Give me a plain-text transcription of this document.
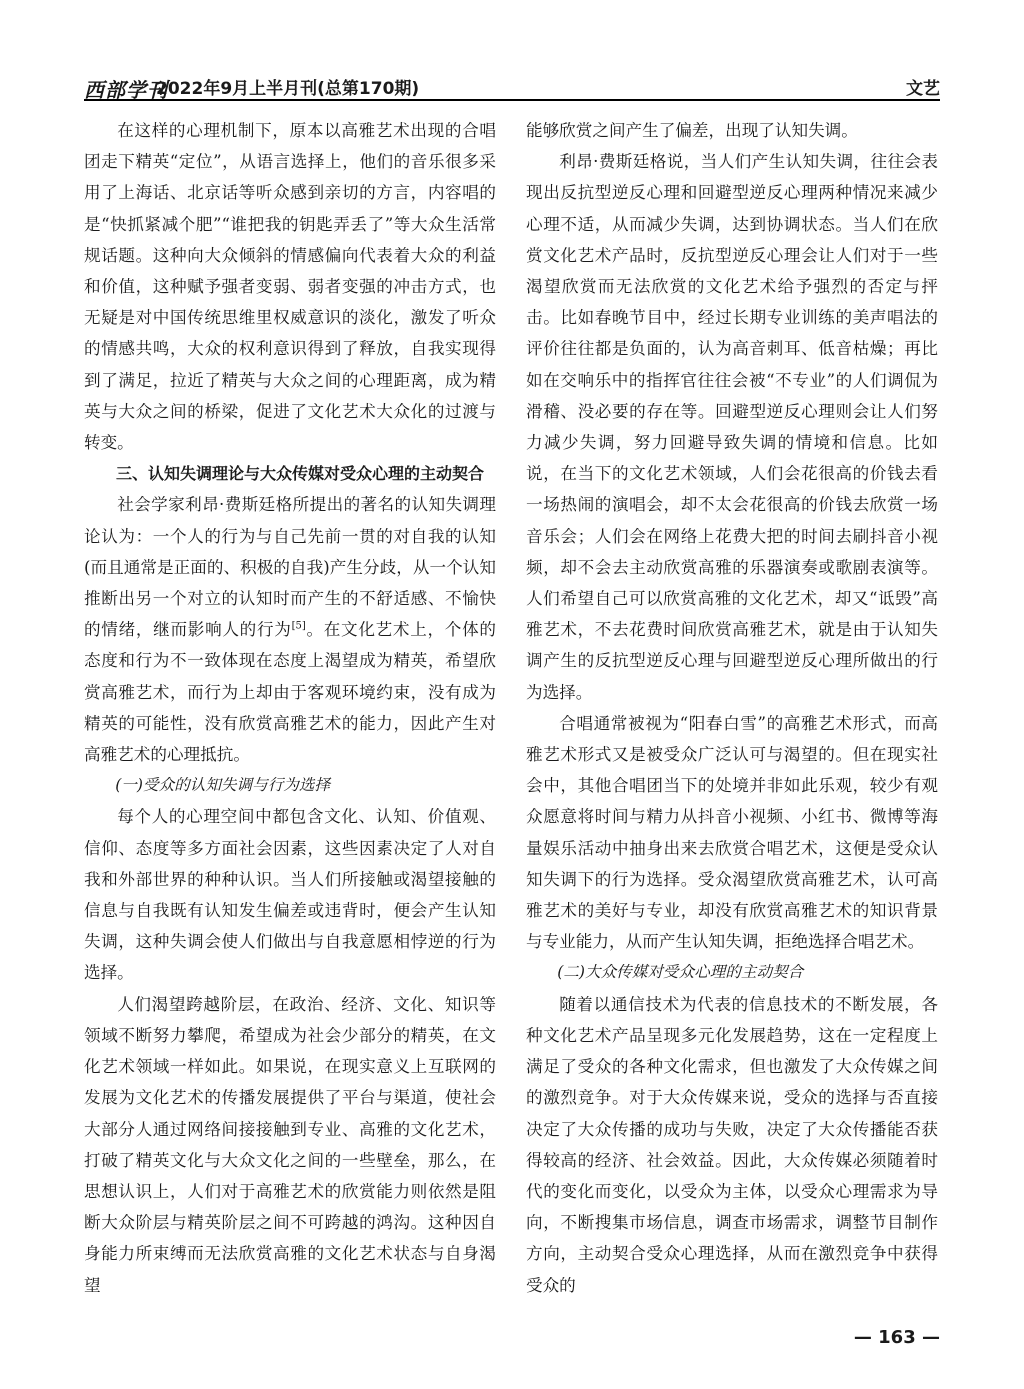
西部学刊
2022年9月上半月刊(总第170期)	文艺

在这样的心理机制下，原本以高雅艺术出现的合唱团走下精英“定位”，从语言选择上，他们的音乐很多采用了上海话、北京话等听众感到亲切的方言，内容唱的是“快抓紧减个肥”“谁把我的钥匙弄丢了”等大众生活常规话题。这种向大众倾斜的情感偏向代表着大众的利益和价值，这种赋予强者变弱、弱者变强的冲击方式，也无疑是对中国传统思维里权威意识的淡化，激发了听众的情感共鸣，大众的权利意识得到了释放，自我实现得到了满足，拉近了精英与大众之间的心理距离，成为精英与大众之间的桥梁，促进了文化艺术大众化的过渡与转变。

三、认知失调理论与大众传媒对受众心理的主动契合

社会学家利昂·费斯廷格所提出的著名的认知失调理论认为：一个人的行为与自己先前一贯的对自我的认知(而且通常是正面的、积极的自我)产生分歧，从一个认知推断出另一个对立的认知时而产生的不舒适感、不愉快的情绪，继而影响人的行为[5]。在文化艺术上，个体的态度和行为不一致体现在态度上渴望成为精英，希望欣赏高雅艺术，而行为上却由于客观环境约束，没有成为精英的可能性，没有欣赏高雅艺术的能力，因此产生对高雅艺术的心理抵抗。

(一)受众的认知失调与行为选择

每个人的心理空间中都包含文化、认知、价值观、信仰、态度等多方面社会因素，这些因素决定了人对自我和外部世界的种种认识。当人们所接触或渴望接触的信息与自我既有认知发生偏差或违背时，便会产生认知失调，这种失调会使人们做出与自我意愿相悖逆的行为选择。

人们渴望跨越阶层，在政治、经济、文化、知识等领域不断努力攀爬，希望成为社会少部分的精英，在文化艺术领域一样如此。如果说，在现实意义上互联网的发展为文化艺术的传播发展提供了平台与渠道，使社会大部分人通过网络间接接触到专业、高雅的文化艺术，打破了精英文化与大众文化之间的一些壁垒，那么，在思想认识上，人们对于高雅艺术的欣赏能力则依然是阻断大众阶层与精英阶层之间不可跨越的鸿沟。这种因自身能力所束缚而无法欣赏高雅的文化艺术状态与自身渴望

能够欣赏之间产生了偏差，出现了认知失调。

利昂·费斯廷格说，当人们产生认知失调，往往会表现出反抗型逆反心理和回避型逆反心理两种情况来减少心理不适，从而减少失调，达到协调状态。当人们在欣赏文化艺术产品时，反抗型逆反心理会让人们对于一些渴望欣赏而无法欣赏的文化艺术给予强烈的否定与抨击。比如春晚节目中，经过长期专业训练的美声唱法的评价往往都是负面的，认为高音刺耳、低音枯燥；再比如在交响乐中的指挥官往往会被“不专业”的人们调侃为滑稽、没必要的存在等。回避型逆反心理则会让人们努力减少失调，努力回避导致失调的情境和信息。比如说，在当下的文化艺术领域，人们会花很高的价钱去看一场热闹的演唱会，却不太会花很高的价钱去欣赏一场音乐会；人们会在网络上花费大把的时间去刷抖音小视频，却不会去主动欣赏高雅的乐器演奏或歌剧表演等。人们希望自己可以欣赏高雅的文化艺术，却又“诋毁”高雅艺术，不去花费时间欣赏高雅艺术，就是由于认知失调产生的反抗型逆反心理与回避型逆反心理所做出的行为选择。

合唱通常被视为“阳春白雪”的高雅艺术形式，而高雅艺术形式又是被受众广泛认可与渴望的。但在现实社会中，其他合唱团当下的处境并非如此乐观，较少有观众愿意将时间与精力从抖音小视频、小红书、微博等海量娱乐活动中抽身出来去欣赏合唱艺术，这便是受众认知失调下的行为选择。受众渴望欣赏高雅艺术，认可高雅艺术的美好与专业，却没有欣赏高雅艺术的知识背景与专业能力，从而产生认知失调，拒绝选择合唱艺术。

(二)大众传媒对受众心理的主动契合

随着以通信技术为代表的信息技术的不断发展，各种文化艺术产品呈现多元化发展趋势，这在一定程度上满足了受众的各种文化需求，但也激发了大众传媒之间的激烈竞争。对于大众传媒来说，受众的选择与否直接决定了大众传播的成功与失败，决定了大众传播能否获得较高的经济、社会效益。因此，大众传媒必须随着时代的变化而变化，以受众为主体，以受众心理需求为导向，不断搜集市场信息，调查市场需求，调整节目制作方向，主动契合受众心理选择，从而在激烈竞争中获得受众的

— 163 —
